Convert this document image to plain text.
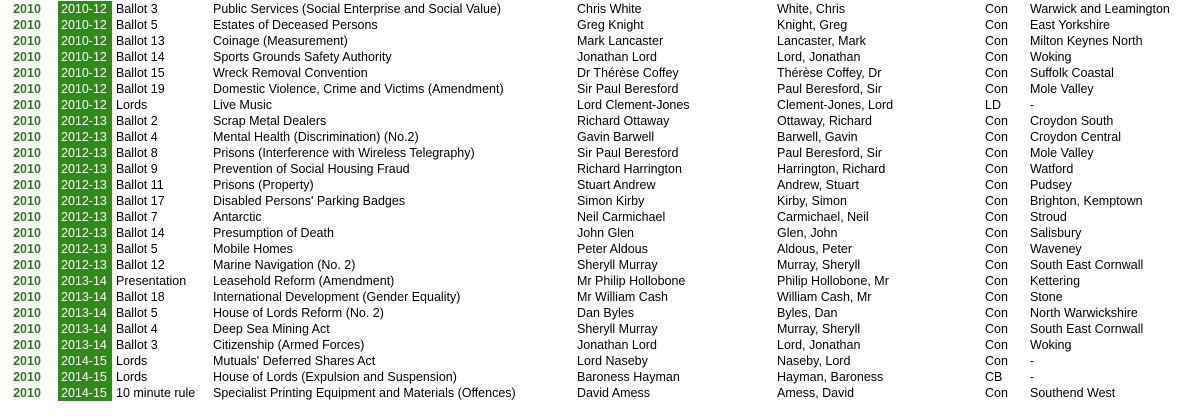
2010	2010-12 Ballot 3	Public Services (Social Enterprise and Social Value)	Chris White	White, Chris	Con	Warwick and Leamington
2010	2010-12 Ballot 5	Estates of Deceased Persons	Greg Knight	Knight, Greg	Con	East Yorkshire
2010	2010-12 Ballot 13	Coinage (Measurement)	Mark Lancaster	Lancaster, Mark	Con	Milton Keynes North
2010	2010-12 Ballot 14	Sports Grounds Safety Authority	Jonathan Lord	Lord, Jonathan	Con	Woking
2010	2010-12 Ballot 15	Wreck Removal Convention	Dr Thérèse Coffey	Thérèse Coffey, Dr	Con	Suffolk Coastal
2010	2010-12 Ballot 19	Domestic Violence, Crime and Victims (Amendment)	Sir Paul Beresford	Paul Beresford, Sir	Con	Mole Valley
2010	2010-12 Lords	Live Music	Lord Clement-Jones	Clement-Jones, Lord	LD	-
2010	2012-13 Ballot 2	Scrap Metal Dealers	Richard Ottaway	Ottaway, Richard	Con	Croydon South
2010	2012-13 Ballot 4	Mental Health (Discrimination) (No.2)	Gavin Barwell	Barwell, Gavin	Con	Croydon Central
2010	2012-13 Ballot 8	Prisons (Interference with Wireless Telegraphy)	Sir Paul Beresford	Paul Beresford, Sir	Con	Mole Valley
2010	2012-13 Ballot 9	Prevention of Social Housing Fraud	Richard Harrington	Harrington, Richard	Con	Watford
2010	2012-13 Ballot 11	Prisons (Property)	Stuart Andrew	Andrew, Stuart	Con	Pudsey
2010	2012-13 Ballot 17	Disabled Persons' Parking Badges	Simon Kirby	Kirby, Simon	Con	Brighton, Kemptown
2010	2012-13 Ballot 7	Antarctic	Neil Carmichael	Carmichael, Neil	Con	Stroud
2010	2012-13 Ballot 14	Presumption of Death	John Glen	Glen, John	Con	Salisbury
2010	2012-13 Ballot 5	Mobile Homes	Peter Aldous	Aldous, Peter	Con	Waveney
2010	2012-13 Ballot 12	Marine Navigation (No. 2)	Sheryll Murray	Murray, Sheryll	Con	South East Cornwall
2010	2013-14 Presentation	Leasehold Reform (Amendment)	Mr Philip Hollobone	Philip Hollobone, Mr	Con	Kettering
2010	2013-14 Ballot 18	International Development (Gender Equality)	Mr William Cash	William Cash, Mr	Con	Stone
2010	2013-14 Ballot 5	House of Lords Reform (No. 2)	Dan Byles	Byles, Dan	Con	North Warwickshire
2010	2013-14 Ballot 4	Deep Sea Mining Act	Sheryll Murray	Murray, Sheryll	Con	South East Cornwall
2010	2013-14 Ballot 3	Citizenship (Armed Forces)	Jonathan Lord	Lord, Jonathan	Con	Woking
2010	2014-15 Lords	Mutuals' Deferred Shares Act	Lord Naseby	Naseby, Lord	Con	-
2010	2014-15 Lords	House of Lords (Expulsion and Suspension)	Baroness Hayman	Hayman, Baroness	CB	-
2010	2014-15 10 minute rule	Specialist Printing Equipment and Materials (Offences)	David Amess	Amess, David	Con	Southend West
